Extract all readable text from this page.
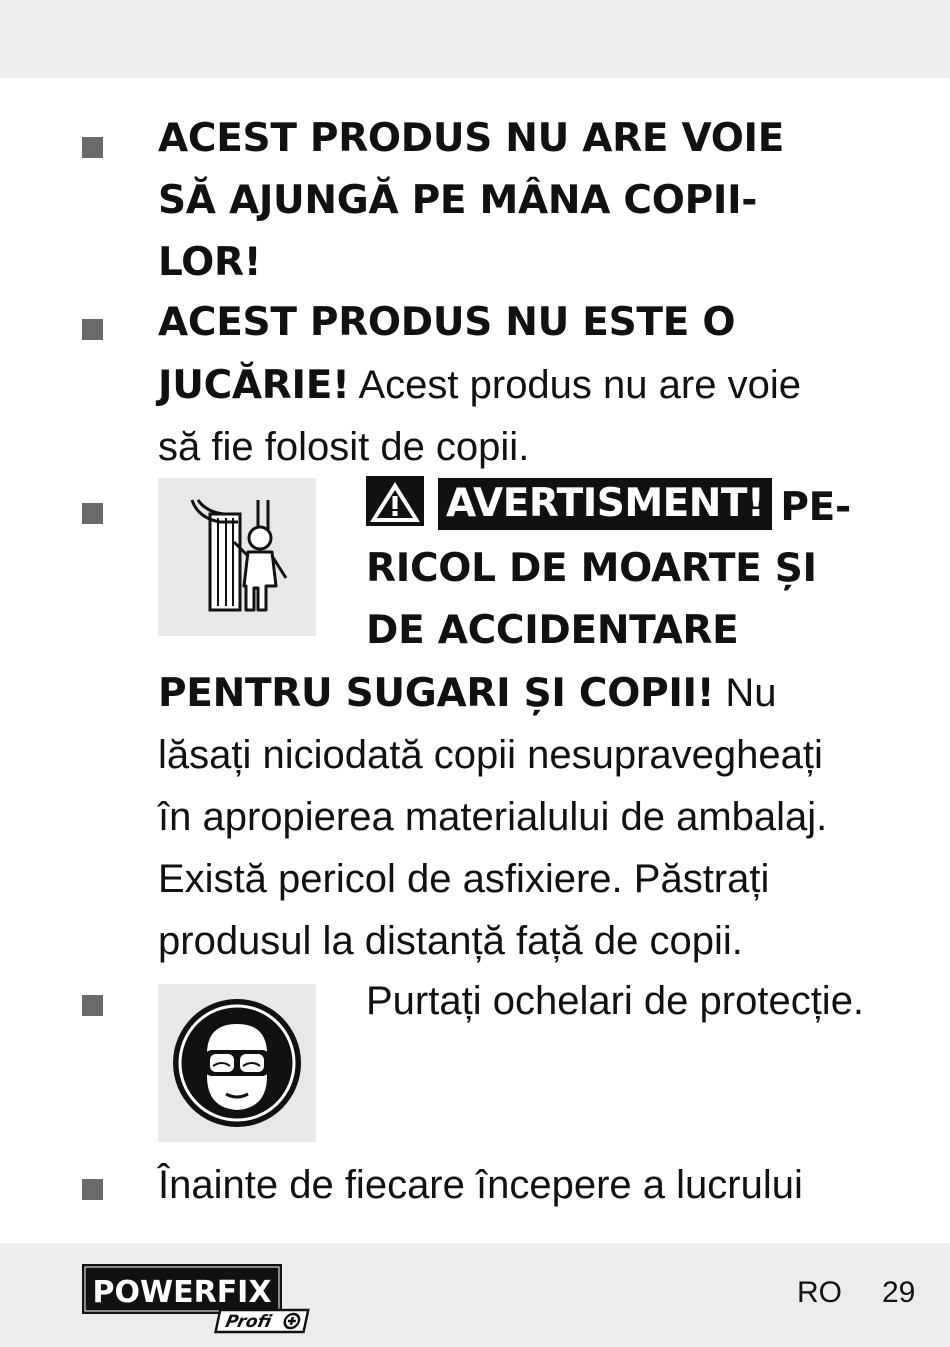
ACEST PRODUS NU ARE VOIE
SĂ AJUNGĂ PE MÂNA COPII-
LOR!
ACEST PRODUS NU ESTE O
JUCĂRIE! Acest produs nu are voie
să fie folosit de copii.
AVERTISMENT! PE-
RICOL DE MOARTE ȘI
DE ACCIDENTARE
PENTRU SUGARI ȘI COPII! Nu
lăsați niciodată copii nesupravegheați
în apropierea materialului de ambalaj.
Există pericol de asfixiere. Păstrați
produsul la distanță față de copii.
Purtați ochelari de protecție.
Înainte de fiecare începere a lucrului
POWERFIX
Profi
RO 29
